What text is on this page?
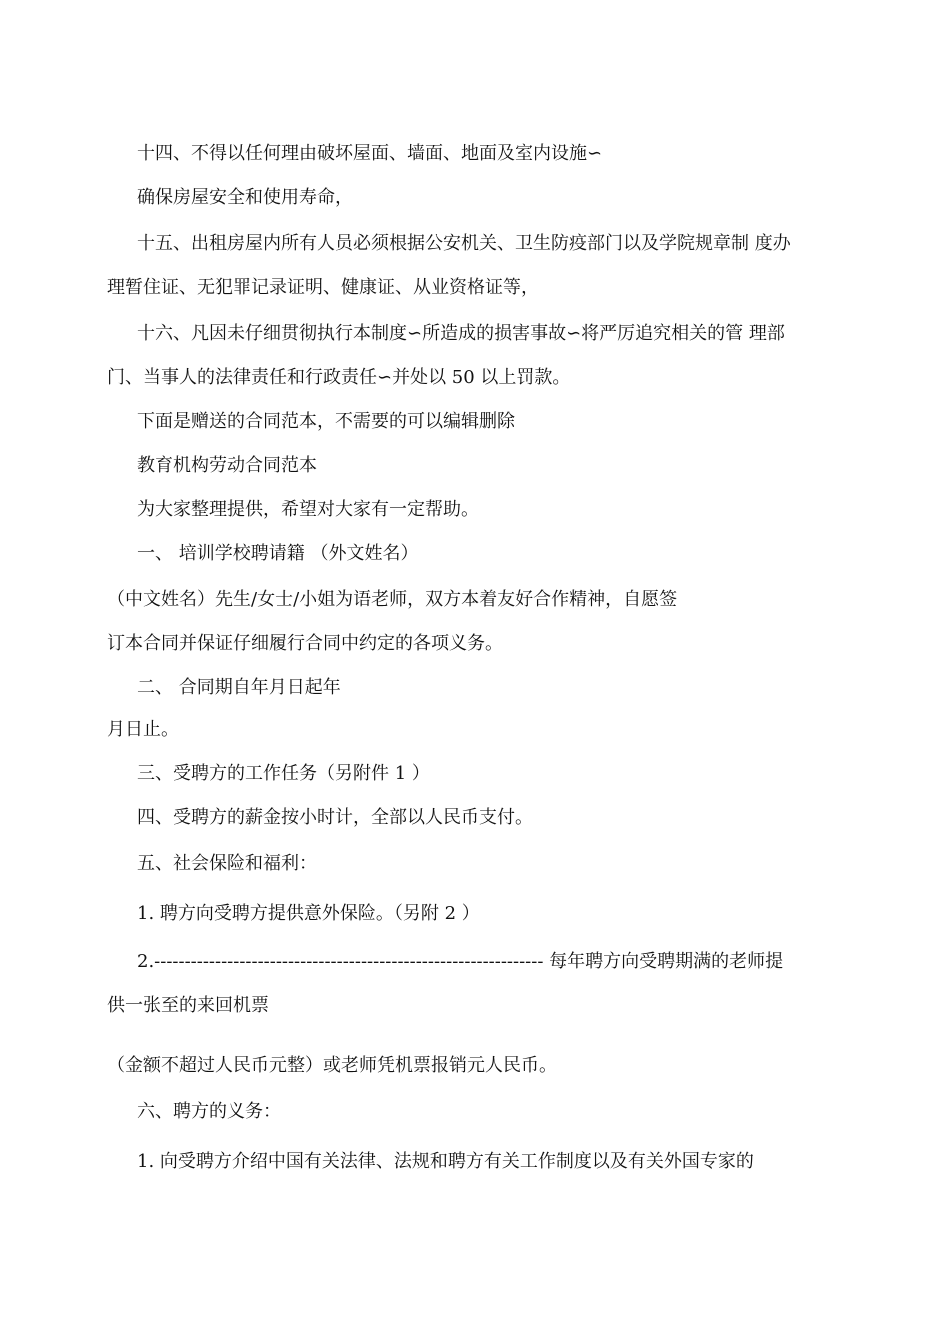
十四、不得以任何理由破坏屋面、墙面、地面及室内设施∽
确保房屋安全和使用寿命，
十五、出租房屋内所有人员必须根据公安机关、卫生防疫部门以及学院规章制 度办
理暂住证、无犯罪记录证明、健康证、从业资格证等，
十六、凡因未仔细贯彻执行本制度∽所造成的损害事故∽将严厉追究相关的管 理部
门、当事人的法律责任和行政责任∽并处以 50 以上罚款。
下面是赠送的合同范本，不需要的可以编辑删除
教育机构劳动合同范本
为大家整理提供，希望对大家有一定帮助。
一、 培训学校聘请籍 （外文姓名）
（中文姓名）先生/女士/小姐为语老师，双方本着友好合作精神，自愿签
订本合同并保证仔细履行合同中约定的各项义务。
二、 合同期自年月日起年
月日止。
三、受聘方的工作任务（另附件 1 ）
四、受聘方的薪金按小时计，全部以人民币支付。
五、社会保险和福利：
1. 聘方向受聘方提供意外保险。（另附 2 ）
2.---------------------------------------------------------------- 每年聘方向受聘期满的老师提
供一张至的来回机票
（金额不超过人民币元整）或老师凭机票报销元人民币。
六、聘方的义务：
1. 向受聘方介绍中国有关法律、法规和聘方有关工作制度以及有关外国专家的
